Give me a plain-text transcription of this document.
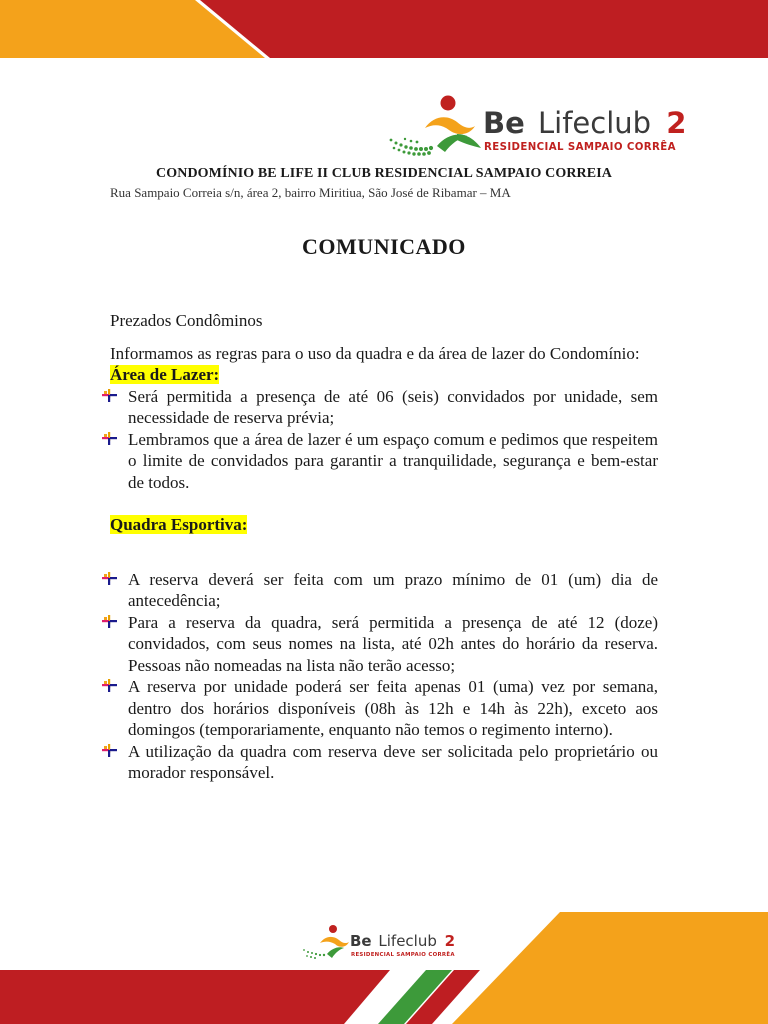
Be Lifeclub 2
RESIDENCIAL SAMPAIO CORRÊA
CONDOMÍNIO BE LIFE II CLUB RESIDENCIAL SAMPAIO CORREIA
Rua Sampaio Correia s/n, área 2, bairro Miritiua, São José de Ribamar – MA
COMUNICADO

Prezados Condôminos

Informamos as regras para o uso da quadra e da área de lazer do Condomínio:

Área de Lazer:

Será permitida a presença de até 06 (seis) convidados por unidade, sem necessidade de reserva prévia;
Lembramos que a área de lazer é um espaço comum e pedimos que respeitem o limite de convidados para garantir a tranquilidade, segurança e bem-estar de todos.

Quadra Esportiva:

A reserva deverá ser feita com um prazo mínimo de 01 (um) dia de antecedência;
Para a reserva da quadra, será permitida a presença de até 12 (doze) convidados, com seus nomes na lista, até 02h antes do horário da reserva. Pessoas não nomeadas na lista não terão acesso;
A reserva por unidade poderá ser feita apenas 01 (uma) vez por semana, dentro dos horários disponíveis (08h às 12h e 14h às 22h), exceto aos domingos (temporariamente, enquanto não temos o regimento interno).
A utilização da quadra com reserva deve ser solicitada pelo proprietário ou morador responsável.
Be Lifeclub 2
RESIDENCIAL SAMPAIO CORRÊA
